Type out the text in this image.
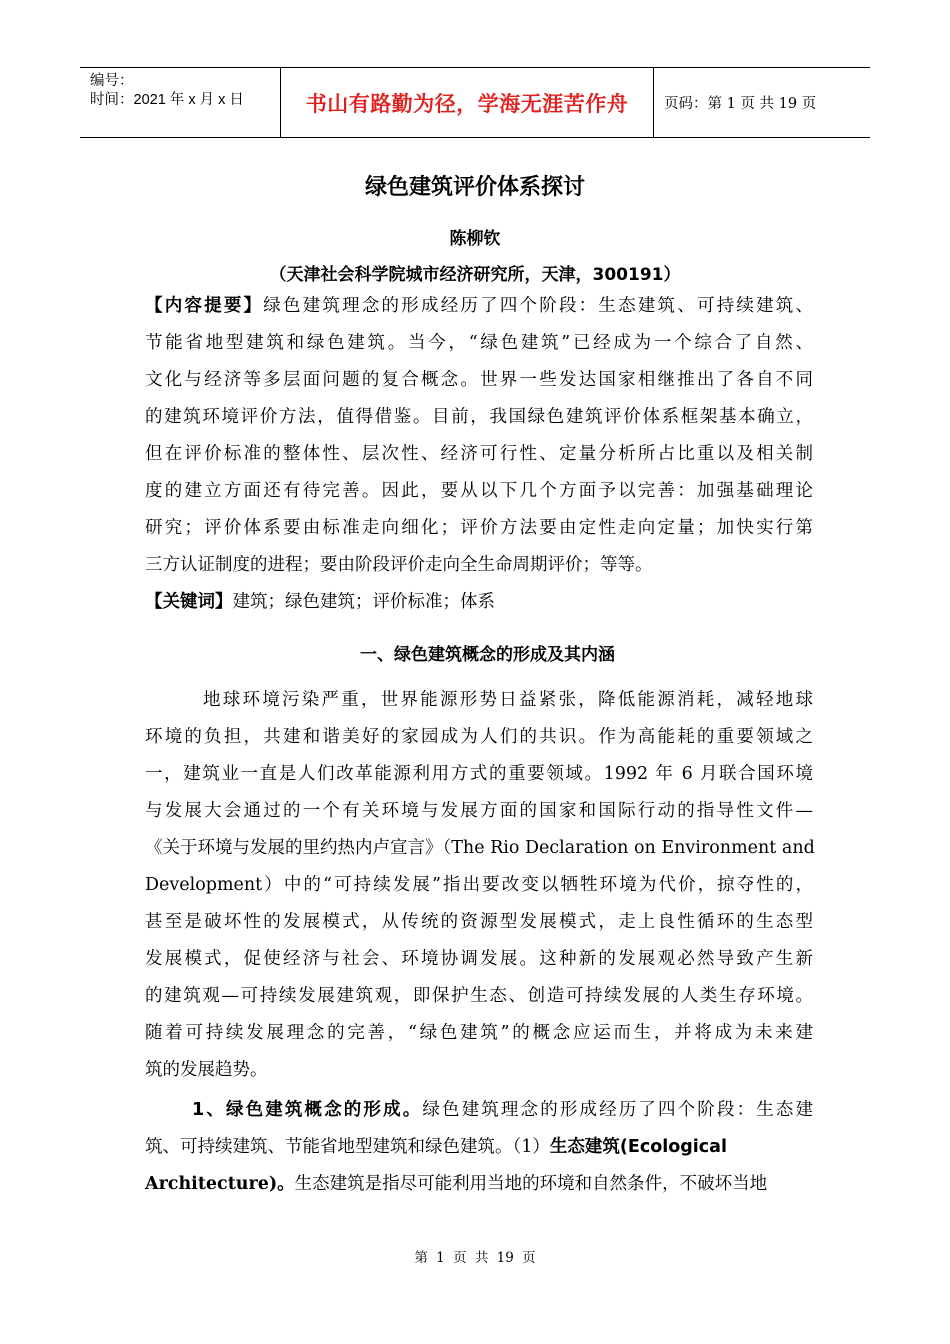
编号：
时间：2021 年 x 月 x 日	书山有路勤为径，学海无涯苦作舟 页码：第 1 页 共 19 页
绿色建筑评价体系探讨
陈柳钦
（天津社会科学院城市经济研究所，天津，300191）
【内容提要】绿色建筑理念的形成经历了四个阶段：生态建筑、可持续建筑、
节能省地型建筑和绿色建筑。当今，“绿色建筑”已经成为一个综合了自然、
文化与经济等多层面问题的复合概念。世界一些发达国家相继推出了各自不同
的建筑环境评价方法，值得借鉴。目前，我国绿色建筑评价体系框架基本确立，
但在评价标准的整体性、层次性、经济可行性、定量分析所占比重以及相关制
度的建立方面还有待完善。因此，要从以下几个方面予以完善：加强基础理论
研究；评价体系要由标准走向细化；评价方法要由定性走向定量；加快实行第
三方认证制度的进程；要由阶段评价走向全生命周期评价；等等。
【关键词】建筑；绿色建筑；评价标准；体系
一、绿色建筑概念的形成及其内涵
地球环境污染严重，世界能源形势日益紧张，降低能源消耗，减轻地球
环境的负担，共建和谐美好的家园成为人们的共识。作为高能耗的重要领域之
一，建筑业一直是人们改革能源利用方式的重要领域。1992 年 6 月联合国环境
与发展大会通过的一个有关环境与发展方面的国家和国际行动的指导性文件—
《关于环境与发展的里约热内卢宣言》（The Rio Declaration on Environment and
Development）中的“可持续发展”指出要改变以牺牲环境为代价，掠夺性的，
甚至是破坏性的发展模式，从传统的资源型发展模式，走上良性循环的生态型
发展模式，促使经济与社会、环境协调发展。这种新的发展观必然导致产生新
的建筑观—可持续发展建筑观，即保护生态、创造可持续发展的人类生存环境。
随着可持续发展理念的完善，“绿色建筑”的概念应运而生，并将成为未来建
筑的发展趋势。
1、绿色建筑概念的形成。绿色建筑理念的形成经历了四个阶段：生态建
筑、可持续建筑、节能省地型建筑和绿色建筑。（1）生态建筑(Ecological
Architecture)。生态建筑是指尽可能利用当地的环境和自然条件，不破坏当地
第 1 页 共 19 页
